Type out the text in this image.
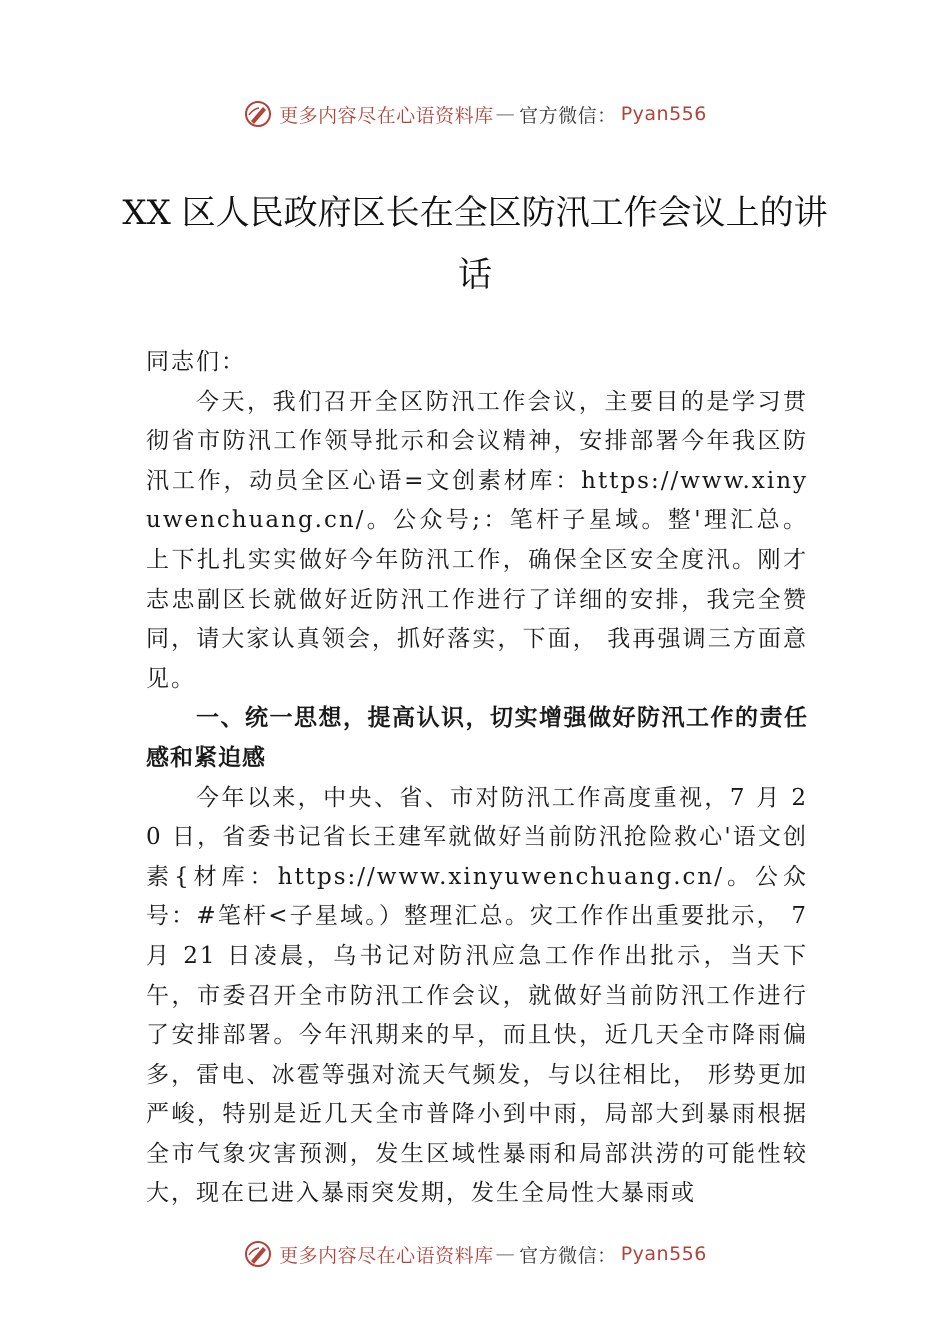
更多内容尽在心语资料库 — 官方微信： Pyan556
XX 区人民政府区长在全区防汛工作会议上的讲话

同志们：

今天，我们召开全区防汛工作会议，主要目的是学习贯彻省市防汛工作领导批示和会议精神，安排部署今年我区防汛工作，动员全区心语=文创素材库：https://www.xinyuwenchuang.cn/。公众号;：笔杆子星域。整'理汇总。上下扎扎实实做好今年防汛工作，确保全区安全度汛。刚才志忠副区长就做好近防汛工作进行了详细的安排，我完全赞同，请大家认真领会，抓好落实，下面， 我再强调三方面意见。

一、统一思想，提高认识，切实增强做好防汛工作的责任感和紧迫感

今年以来，中央、省、市对防汛工作高度重视，7 月 20 日，省委书记省长王建军就做好当前防汛抢险救心'语文创素{材库：https://www.xinyuwenchuang.cn/。公众号：#笔杆<子星域。）整理汇总。灾工作作出重要批示， 7 月 21 日凌晨，乌书记对防汛应急工作作出批示，当天下午，市委召开全市防汛工作会议，就做好当前防汛工作进行了安排部署。今年汛期来的早，而且快，近几天全市降雨偏多，雷电、冰雹等强对流天气频发，与以往相比， 形势更加严峻，特别是近几天全市普降小到中雨，局部大到暴雨根据全市气象灾害预测，发生区域性暴雨和局部洪涝的可能性较大，现在已进入暴雨突发期，发生全局性大暴雨或

更多内容尽在心语资料库 — 官方微信： Pyan556
